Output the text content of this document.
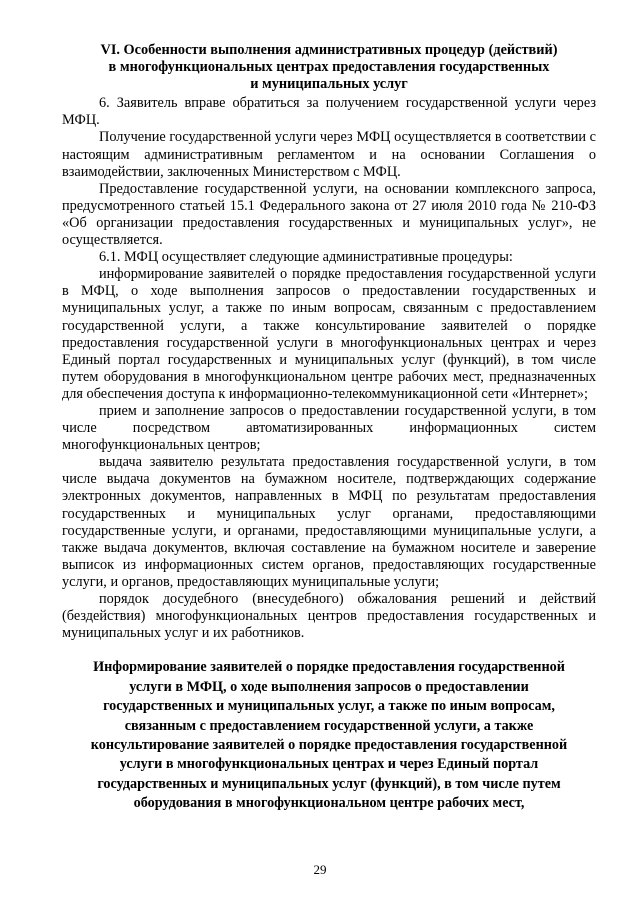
VI. Особенности выполнения административных процедур (действий)
в многофункциональных центрах предоставления государственных
и муниципальных услуг

6. Заявитель вправе обратиться за получением государственной услуги через МФЦ.

Получение государственной услуги через МФЦ осуществляется в соответствии с настоящим административным регламентом и на основании Соглашения о взаимодействии, заключенных Министерством с МФЦ.

Предоставление государственной услуги, на основании комплексного запроса, предусмотренного статьей 15.1 Федерального закона от 27 июля 2010 года № 210-ФЗ «Об организации предоставления государственных и муниципальных услуг», не осуществляется.

6.1. МФЦ осуществляет следующие административные процедуры:

информирование заявителей о порядке предоставления государственной услуги в МФЦ, о ходе выполнения запросов о предоставлении государственных и муниципальных услуг, а также по иным вопросам, связанным с предоставлением государственной услуги, а также консультирование заявителей о порядке предоставления государственной услуги в многофункциональных центрах и через Единый портал государственных и муниципальных услуг (функций), в том числе путем оборудования в многофункциональном центре рабочих мест, предназначенных для обеспечения доступа к информационно-телекоммуникационной сети «Интернет»;

прием и заполнение запросов о предоставлении государственной услуги, в том числе посредством автоматизированных информационных систем многофункциональных центров;

выдача заявителю результата предоставления государственной услуги, в том числе выдача документов на бумажном носителе, подтверждающих содержание электронных документов, направленных в МФЦ по результатам предоставления государственных и муниципальных услуг органами, предоставляющими государственные услуги, и органами, предоставляющими муниципальные услуги, а также выдача документов, включая составление на бумажном носителе и заверение выписок из информационных систем органов, предоставляющих государственные услуги, и органов, предоставляющих муниципальные услуги;

порядок досудебного (внесудебного) обжалования решений и действий (бездействия) многофункциональных центров предоставления государственных и муниципальных услуг и их работников.

Информирование заявителей о порядке предоставления государственной
услуги в МФЦ, о ходе выполнения запросов о предоставлении
государственных и муниципальных услуг, а также по иным вопросам,
связанным с предоставлением государственной услуги, а также
консультирование заявителей о порядке предоставления государственной
услуги в многофункциональных центрах и через Единый портал
государственных и муниципальных услуг (функций), в том числе путем
оборудования в многофункциональном центре рабочих мест,
29
